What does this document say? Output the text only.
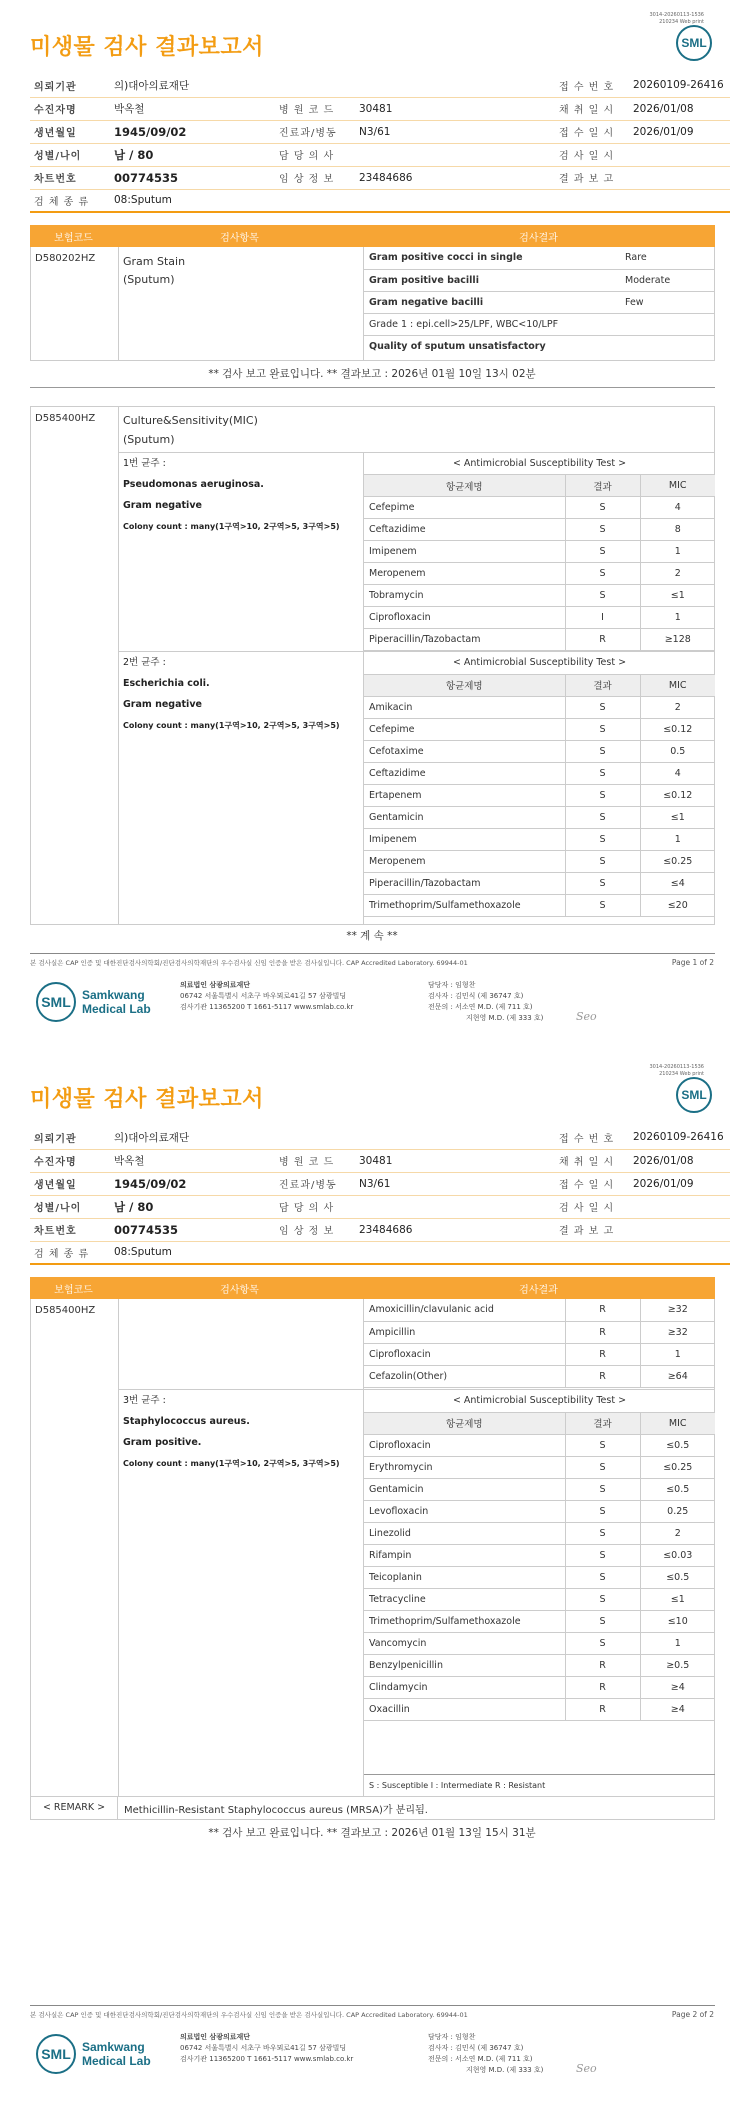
3014-20260113-1536
210234 Web print
미생물 검사 결과보고서	SML
의뢰기관	의)대아의료재단				접 수 번 호	20260109-26416
수진자명	박옥철	병 원 코 드	30481		채 취 일 시	2026/01/08
생년월일	1945/09/02	진료과/병동	N3/61		접 수 일 시	2026/01/09
성별/나이	남 / 80	담 당 의 사			검 사 일 시	
차트번호	00774535	임 상 정 보	23484686		결 과 보 고	
검 체 종 류	08:Sputum					
보험코드	검사항목	검사결과
D580202HZ	Gram Stain
(Sputum)
Gram positive cocci in single	Rare
Gram positive bacilli	Moderate
Gram negative bacilli	Few
Grade 1 : epi.cell>25/LPF, WBC<10/LPF	
Quality of sputum unsatisfactory	
** 검사 보고 완료입니다. ** 결과보고 : 2026년 01월 10일 13시 02분
D585400HZ	Culture&Sensitivity(MIC)
(Sputum)
1번 균주 :
Pseudomonas aeruginosa.
Gram negative
Colony count : many(1구역>10, 2구역>5, 3구역>5)
< Antimicrobial Susceptibility Test >		
항균제명	결과	MIC
Cefepime	S	4
Ceftazidime	S	8
Imipenem	S	1
Meropenem	S	2
Tobramycin	S	≤1
Ciprofloxacin	I	1
Piperacillin/Tazobactam	R	≥128
2번 균주 :
Escherichia coli.
Gram negative
Colony count : many(1구역>10, 2구역>5, 3구역>5)
< Antimicrobial Susceptibility Test >		
항균제명	결과	MIC
Amikacin	S	2
Cefepime	S	≤0.12
Cefotaxime	S	0.5
Ceftazidime	S	4
Ertapenem	S	≤0.12
Gentamicin	S	≤1
Imipenem	S	1
Meropenem	S	≤0.25
Piperacillin/Tazobactam	S	≤4
Trimethoprim/Sulfamethoxazole	S	≤20
** 계 속 **
본 검사실은 CAP 인증 및 대한진단검사의학회/진단검사의학재단의 우수검사실 신임 인증을 받은 검사실입니다. CAP Accredited Laboratory. 69944-01	Page 1 of 2
SML Samkwang
Medical Lab
의료법인 삼광의료재단
06742 서울특별시 서초구 바우뫼로41길 57 삼광빌딩
검사기관 11365200 T 1661-5117 www.smlab.co.kr
담당자 : 임형찬
검사자 : 김민식 (제 36747 호)
전문의 : 서소연 M.D. (제 711 호)
지현영 M.D. (제 333 호)	Seo
3014-20260113-1536
210234 Web print
미생물 검사 결과보고서	SML
의뢰기관	의)대아의료재단				접 수 번 호	20260109-26416
수진자명	박옥철	병 원 코 드	30481		채 취 일 시	2026/01/08
생년월일	1945/09/02	진료과/병동	N3/61		접 수 일 시	2026/01/09
성별/나이	남 / 80	담 당 의 사			검 사 일 시	
차트번호	00774535	임 상 정 보	23484686		결 과 보 고	
검 체 종 류	08:Sputum					
보험코드	검사항목	검사결과
D585400HZ	Amoxicillin/clavulanic acid	R	≥32
Ampicillin	R	≥32
Ciprofloxacin	R	1
Cefazolin(Other)	R	≥64
3번 균주 :
Staphylococcus aureus.
Gram positive.
Colony count : many(1구역>10, 2구역>5, 3구역>5)
< Antimicrobial Susceptibility Test >		
항균제명	결과	MIC
Ciprofloxacin	S	≤0.5
Erythromycin	S	≤0.25
Gentamicin	S	≤0.5
Levofloxacin	S	0.25
Linezolid	S	2
Rifampin	S	≤0.03
Teicoplanin	S	≤0.5
Tetracycline	S	≤1
Trimethoprim/Sulfamethoxazole	S	≤10
Vancomycin	S	1
Benzylpenicillin	R	≥0.5
Clindamycin	R	≥4
Oxacillin	R	≥4
S : Susceptible I : Intermediate R : Resistant
< REMARK >	Methicillin-Resistant Staphylococcus aureus (MRSA)가 분리됨.
** 검사 보고 완료입니다. ** 결과보고 : 2026년 01월 13일 15시 31분
본 검사실은 CAP 인증 및 대한진단검사의학회/진단검사의학재단의 우수검사실 신임 인증을 받은 검사실입니다. CAP Accredited Laboratory. 69944-01	Page 2 of 2
SML Samkwang
Medical Lab
의료법인 삼광의료재단
06742 서울특별시 서초구 바우뫼로41길 57 삼광빌딩
검사기관 11365200 T 1661-5117 www.smlab.co.kr
담당자 : 임형찬
검사자 : 김민식 (제 36747 호)
전문의 : 서소연 M.D. (제 711 호)
지현영 M.D. (제 333 호)	Seo
